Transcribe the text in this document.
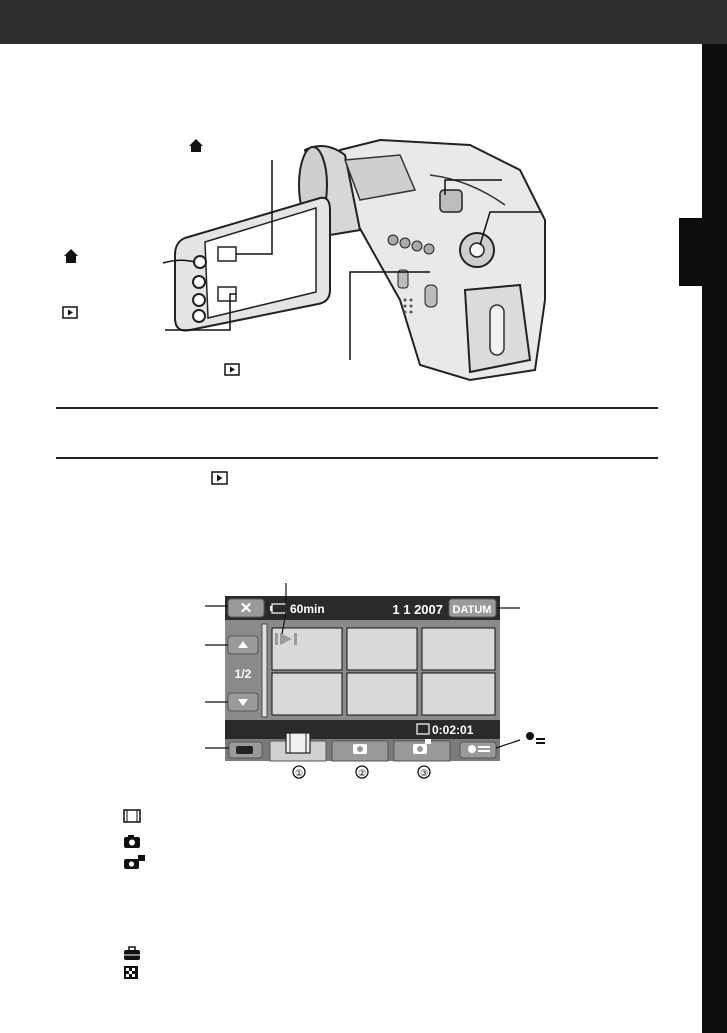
✕	60min	1 1 2007 DATUM
1/2
0:02:01
①	②	③
